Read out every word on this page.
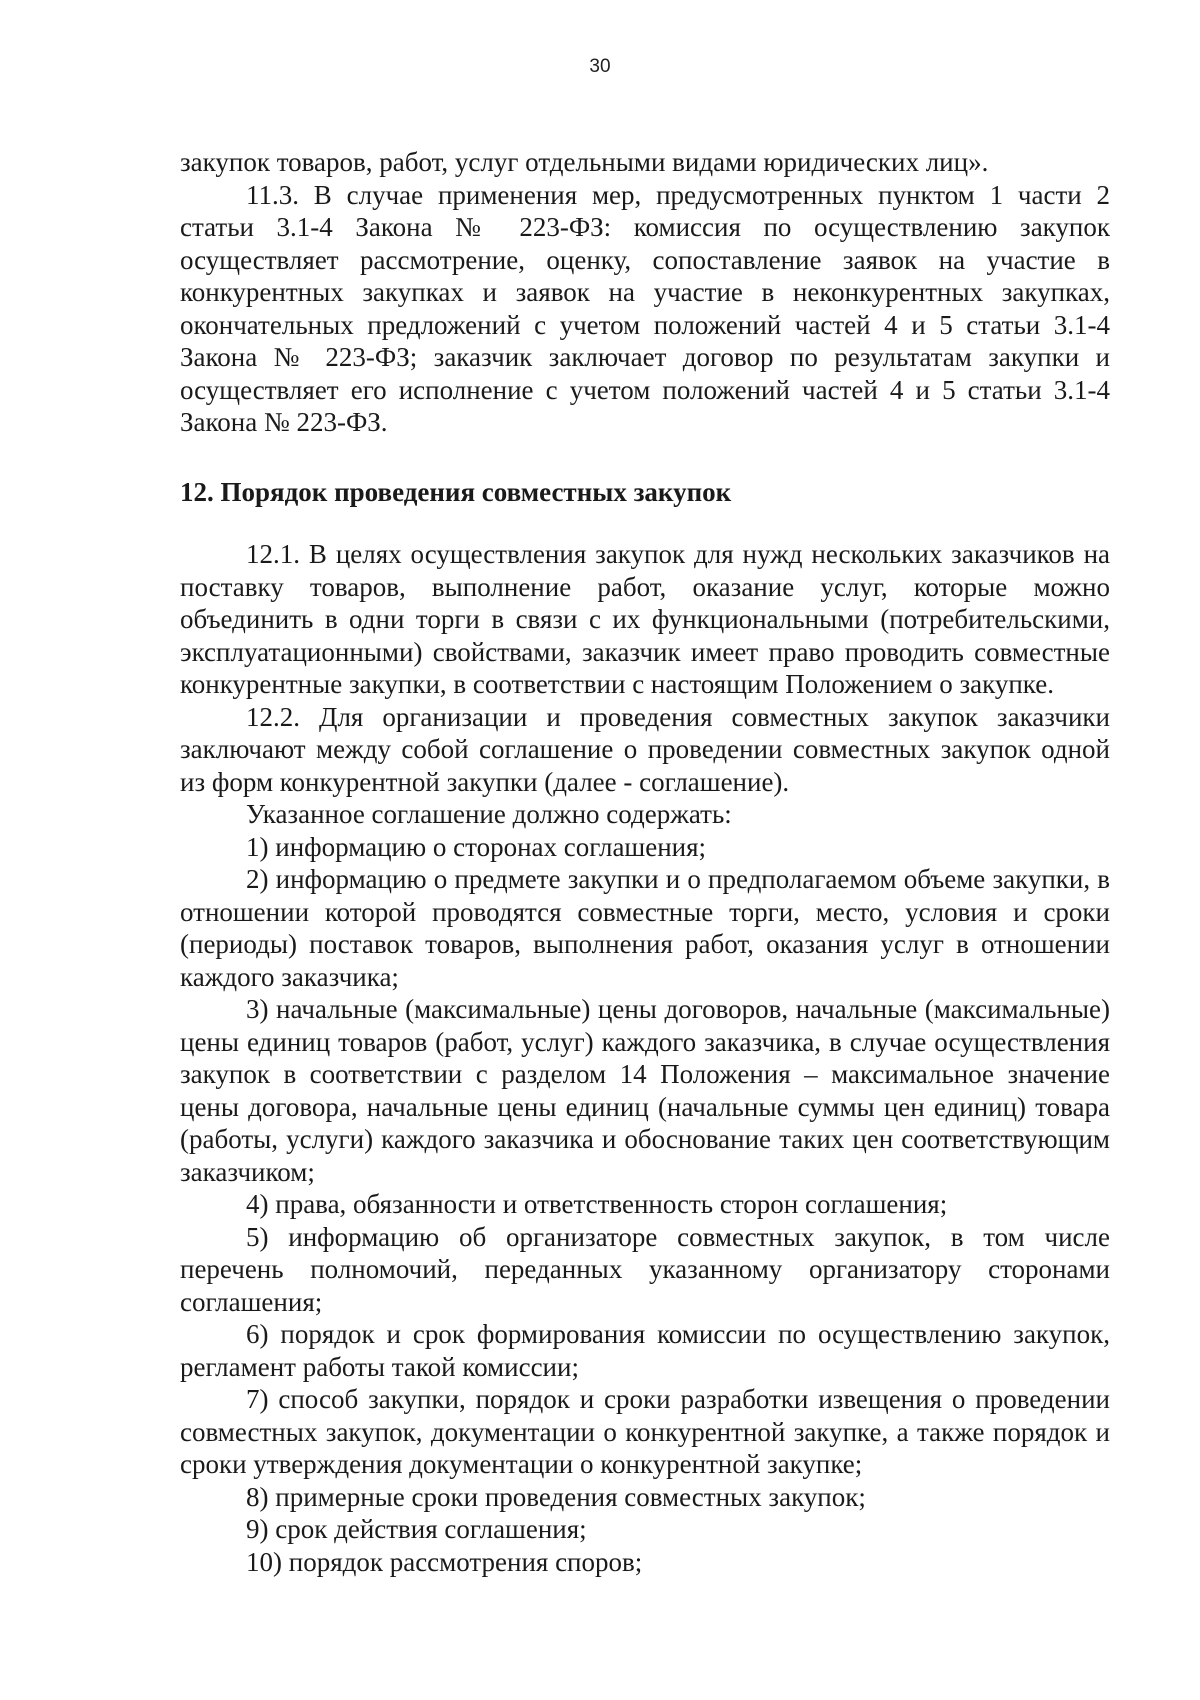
30

закупок товаров, работ, услуг отдельными видами юридических лиц».

11.3. В случае применения мер, предусмотренных пунктом 1 части 2 статьи 3.1-4 Закона № 223-ФЗ: комиссия по осуществлению закупок осуществляет рассмотрение, оценку, сопоставление заявок на участие в конкурентных закупках и заявок на участие в неконкурентных закупках, окончательных предложений с учетом положений частей 4 и 5 статьи 3.1-4 Закона № 223-ФЗ; заказчик заключает договор по результатам закупки и осуществляет его исполнение с учетом положений частей 4 и 5 статьи 3.1-4 Закона № 223-ФЗ.

12. Порядок проведения совместных закупок

12.1. В целях осуществления закупок для нужд нескольких заказчиков на поставку товаров, выполнение работ, оказание услуг, которые можно объединить в одни торги в связи с их функциональными (потребительскими, эксплуатационными) свойствами, заказчик имеет право проводить совместные конкурентные закупки, в соответствии с настоящим Положением о закупке.

12.2. Для организации и проведения совместных закупок заказчики заключают между собой соглашение о проведении совместных закупок одной из форм конкурентной закупки (далее - соглашение).

Указанное соглашение должно содержать:

1) информацию о сторонах соглашения;

2) информацию о предмете закупки и о предполагаемом объеме закупки, в отношении которой проводятся совместные торги, место, условия и сроки (периоды) поставок товаров, выполнения работ, оказания услуг в отношении каждого заказчика;

3) начальные (максимальные) цены договоров, начальные (максимальные) цены единиц товаров (работ, услуг) каждого заказчика, в случае осуществления закупок в соответствии с разделом 14 Положения – максимальное значение цены договора, начальные цены единиц (начальные суммы цен единиц) товара (работы, услуги) каждого заказчика и обоснование таких цен соответствующим заказчиком;

4) права, обязанности и ответственность сторон соглашения;

5) информацию об организаторе совместных закупок, в том числе перечень полномочий, переданных указанному организатору сторонами соглашения;

6) порядок и срок формирования комиссии по осуществлению закупок, регламент работы такой комиссии;

7) способ закупки, порядок и сроки разработки извещения о проведении совместных закупок, документации о конкурентной закупке, а также порядок и сроки утверждения документации о конкурентной закупке;

8) примерные сроки проведения совместных закупок;

9) срок действия соглашения;

10) порядок рассмотрения споров;
